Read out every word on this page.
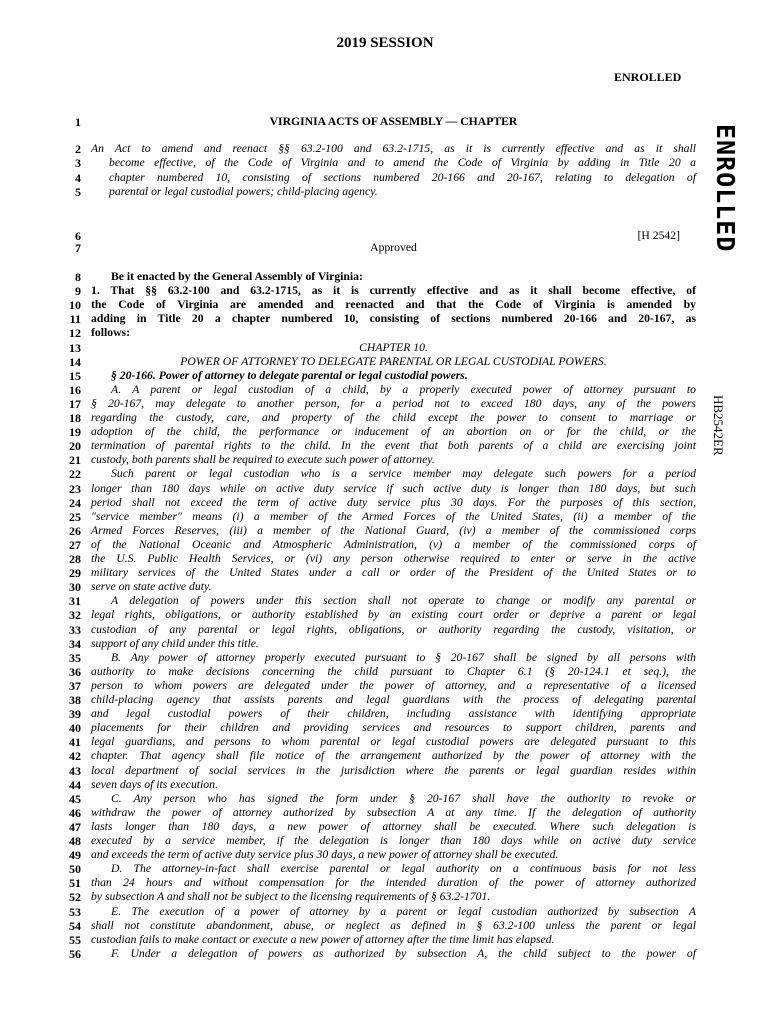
2019 SESSION
ENROLLED
ENROLLED
HB2542ER
1	VIRGINIA ACTS OF ASSEMBLY –– CHAPTER
2 An Act to amend and reenact §§ 63.2-100 and 63.2-1715, as it is currently effective and as it shall
3 become effective, of the Code of Virginia and to amend the Code of Virginia by adding in Title 20 a
4 chapter numbered 10, consisting of sections numbered 20-166 and 20-167, relating to delegation of
5 parental or legal custodial powers; child-placing agency.
6	[H 2542]
7	Approved
8	Be it enacted by the General Assembly of Virginia:
9 1. That §§ 63.2-100 and 63.2-1715, as it is currently effective and as it shall become effective, of
10 the Code of Virginia are amended and reenacted and that the Code of Virginia is amended by
11 adding in Title 20 a chapter numbered 10, consisting of sections numbered 20-166 and 20-167, as
12 follows:
13	CHAPTER 10.
14	POWER OF ATTORNEY TO DELEGATE PARENTAL OR LEGAL CUSTODIAL POWERS.
15	§ 20-166. Power of attorney to delegate parental or legal custodial powers.
16	A. A parent or legal custodian of a child, by a properly executed power of attorney pursuant to
17 § 20-167, may delegate to another person, for a period not to exceed 180 days, any of the powers
18 regarding the custody, care, and property of the child except the power to consent to marriage or
19 adoption of the child, the performance or inducement of an abortion on or for the child, or the
20 termination of parental rights to the child. In the event that both parents of a child are exercising joint
21 custody, both parents shall be required to execute such power of attorney.
22	Such parent or legal custodian who is a service member may delegate such powers for a period
23 longer than 180 days while on active duty service if such active duty is longer than 180 days, but such
24 period shall not exceed the term of active duty service plus 30 days. For the purposes of this section,
25 "service member" means (i) a member of the Armed Forces of the United States, (ii) a member of the
26 Armed Forces Reserves, (iii) a member of the National Guard, (iv) a member of the commissioned corps
27 of the National Oceanic and Atmospheric Administration, (v) a member of the commissioned corps of
28 the U.S. Public Health Services, or (vi) any person otherwise required to enter or serve in the active
29 military services of the United States under a call or order of the President of the United States or to
30 serve on state active duty.
31	A delegation of powers under this section shall not operate to change or modify any parental or
32 legal rights, obligations, or authority established by an existing court order or deprive a parent or legal
33 custodian of any parental or legal rights, obligations, or authority regarding the custody, visitation, or
34 support of any child under this title.
35	B. Any power of attorney properly executed pursuant to § 20-167 shall be signed by all persons with
36 authority to make decisions concerning the child pursuant to Chapter 6.1 (§ 20-124.1 et seq.), the
37 person to whom powers are delegated under the power of attorney, and a representative of a licensed
38 child-placing agency that assists parents and legal guardians with the process of delegating parental
39 and legal custodial powers of their children, including assistance with identifying appropriate
40 placements for their children and providing services and resources to support children, parents and
41 legal guardians, and persons to whom parental or legal custodial powers are delegated pursuant to this
42 chapter. That agency shall file notice of the arrangement authorized by the power of attorney with the
43 local department of social services in the jurisdiction where the parents or legal guardian resides within
44 seven days of its execution.
45	C. Any person who has signed the form under § 20-167 shall have the authority to revoke or
46 withdraw the power of attorney authorized by subsection A at any time. If the delegation of authority
47 lasts longer than 180 days, a new power of attorney shall be executed. Where such delegation is
48 executed by a service member, if the delegation is longer than 180 days while on active duty service
49 and exceeds the term of active duty service plus 30 days, a new power of attorney shall be executed.
50	D. The attorney-in-fact shall exercise parental or legal authority on a continuous basis for not less
51 than 24 hours and without compensation for the intended duration of the power of attorney authorized
52 by subsection A and shall not be subject to the licensing requirements of § 63.2-1701.
53	E. The execution of a power of attorney by a parent or legal custodian authorized by subsection A
54 shall not constitute abandonment, abuse, or neglect as defined in § 63.2-100 unless the parent or legal
55 custodian fails to make contact or execute a new power of attorney after the time limit has elapsed.
56	F. Under a delegation of powers as authorized by subsection A, the child subject to the power of
